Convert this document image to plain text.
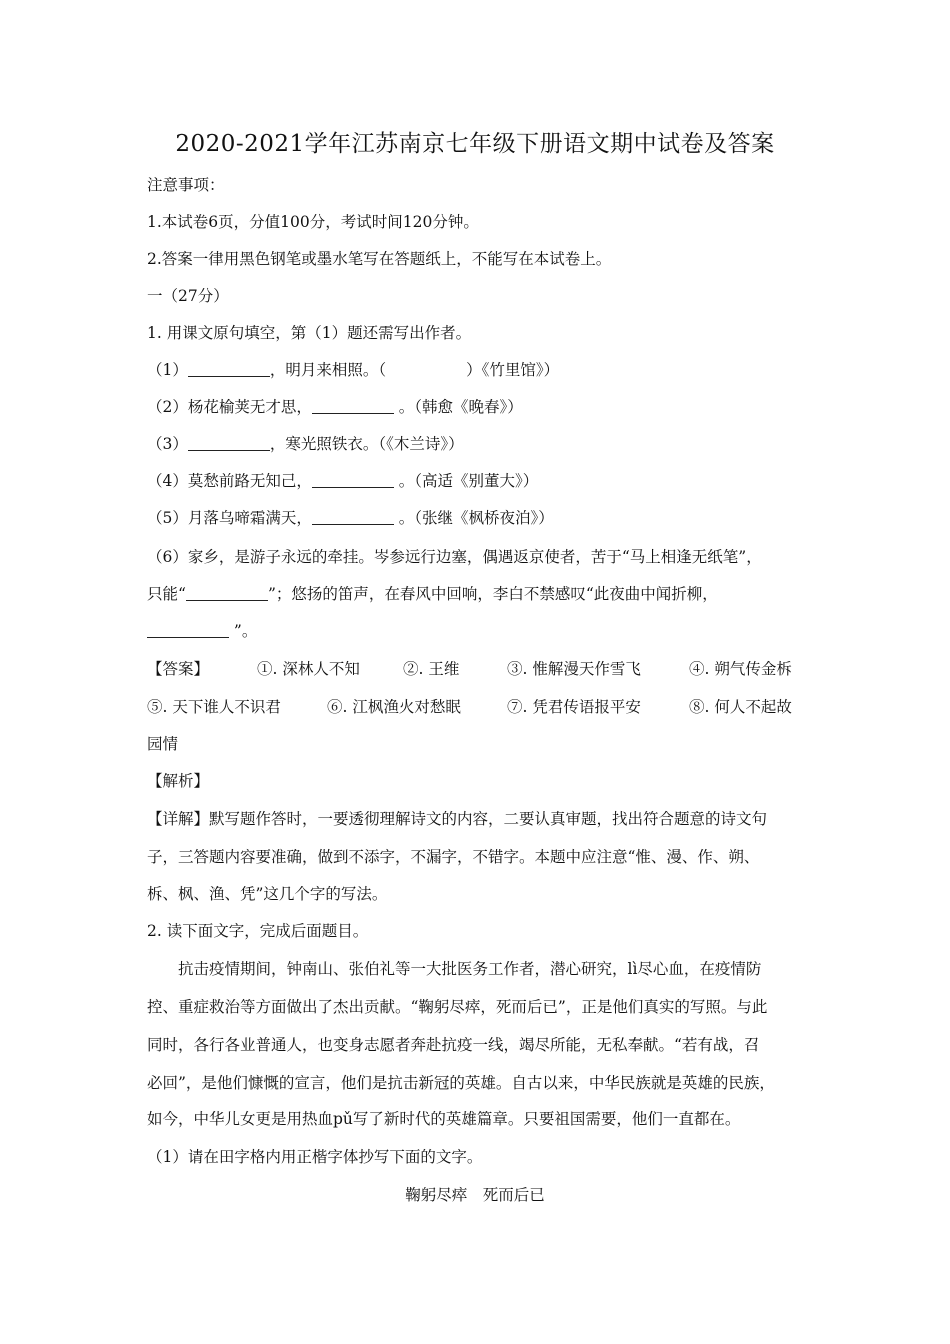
2020-2021学年江苏南京七年级下册语文期中试卷及答案
注意事项：
1.本试卷6页，分值100分，考试时间120分钟。
2.答案一律用黑色钢笔或墨水笔写在答题纸上，不能写在本试卷上。
一（27分）
1. 用课文原句填空，第（1）题还需写出作者。
（1）	，明月来相照。（	）《竹里馆》）
（2）杨花榆荚无才思，	。（韩愈《晚春》）
（3）	，寒光照铁衣。（《木兰诗》）
（4）莫愁前路无知己，	。（高适《别董大》）
（5）月落乌啼霜满天，	。（张继《枫桥夜泊》）
（6）家乡，是游子永远的牵挂。岑参远行边塞，偶遇返京使者，苦于“马上相逢无纸笔”，
只能“	”；悠扬的笛声，在春风中回响，李白不禁感叹“此夜曲中闻折柳，
”。
【答案】	①. 深林人不知	②. 王维	③. 惟解漫天作雪飞	④. 朔气传金柝
⑤. 天下谁人不识君	⑥. 江枫渔火对愁眠	⑦. 凭君传语报平安	⑧. 何人不起故
园情
【解析】
【详解】默写题作答时，一要透彻理解诗文的内容，二要认真审题，找出符合题意的诗文句
子，三答题内容要准确，做到不添字，不漏字，不错字。本题中应注意“惟、漫、作、朔、
柝、枫、渔、凭”这几个字的写法。
2. 读下面文字，完成后面题目。
抗击疫情期间，钟南山、张伯礼等一大批医务工作者，潜心研究，lì尽心血，在疫情防
控、重症救治等方面做出了杰出贡献。“鞠躬尽瘁，死而后已”，正是他们真实的写照。与此
同时，各行各业普通人，也变身志愿者奔赴抗疫一线，竭尽所能，无私奉献。“若有战，召
必回”，是他们慷慨的宣言，他们是抗击新冠的英雄。自古以来，中华民族就是英雄的民族，
如今，中华儿女更是用热血pǔ写了新时代的英雄篇章。只要祖国需要，他们一直都在。
（1）请在田字格内用正楷字体抄写下面的文字。
鞠躬尽瘁　死而后已
